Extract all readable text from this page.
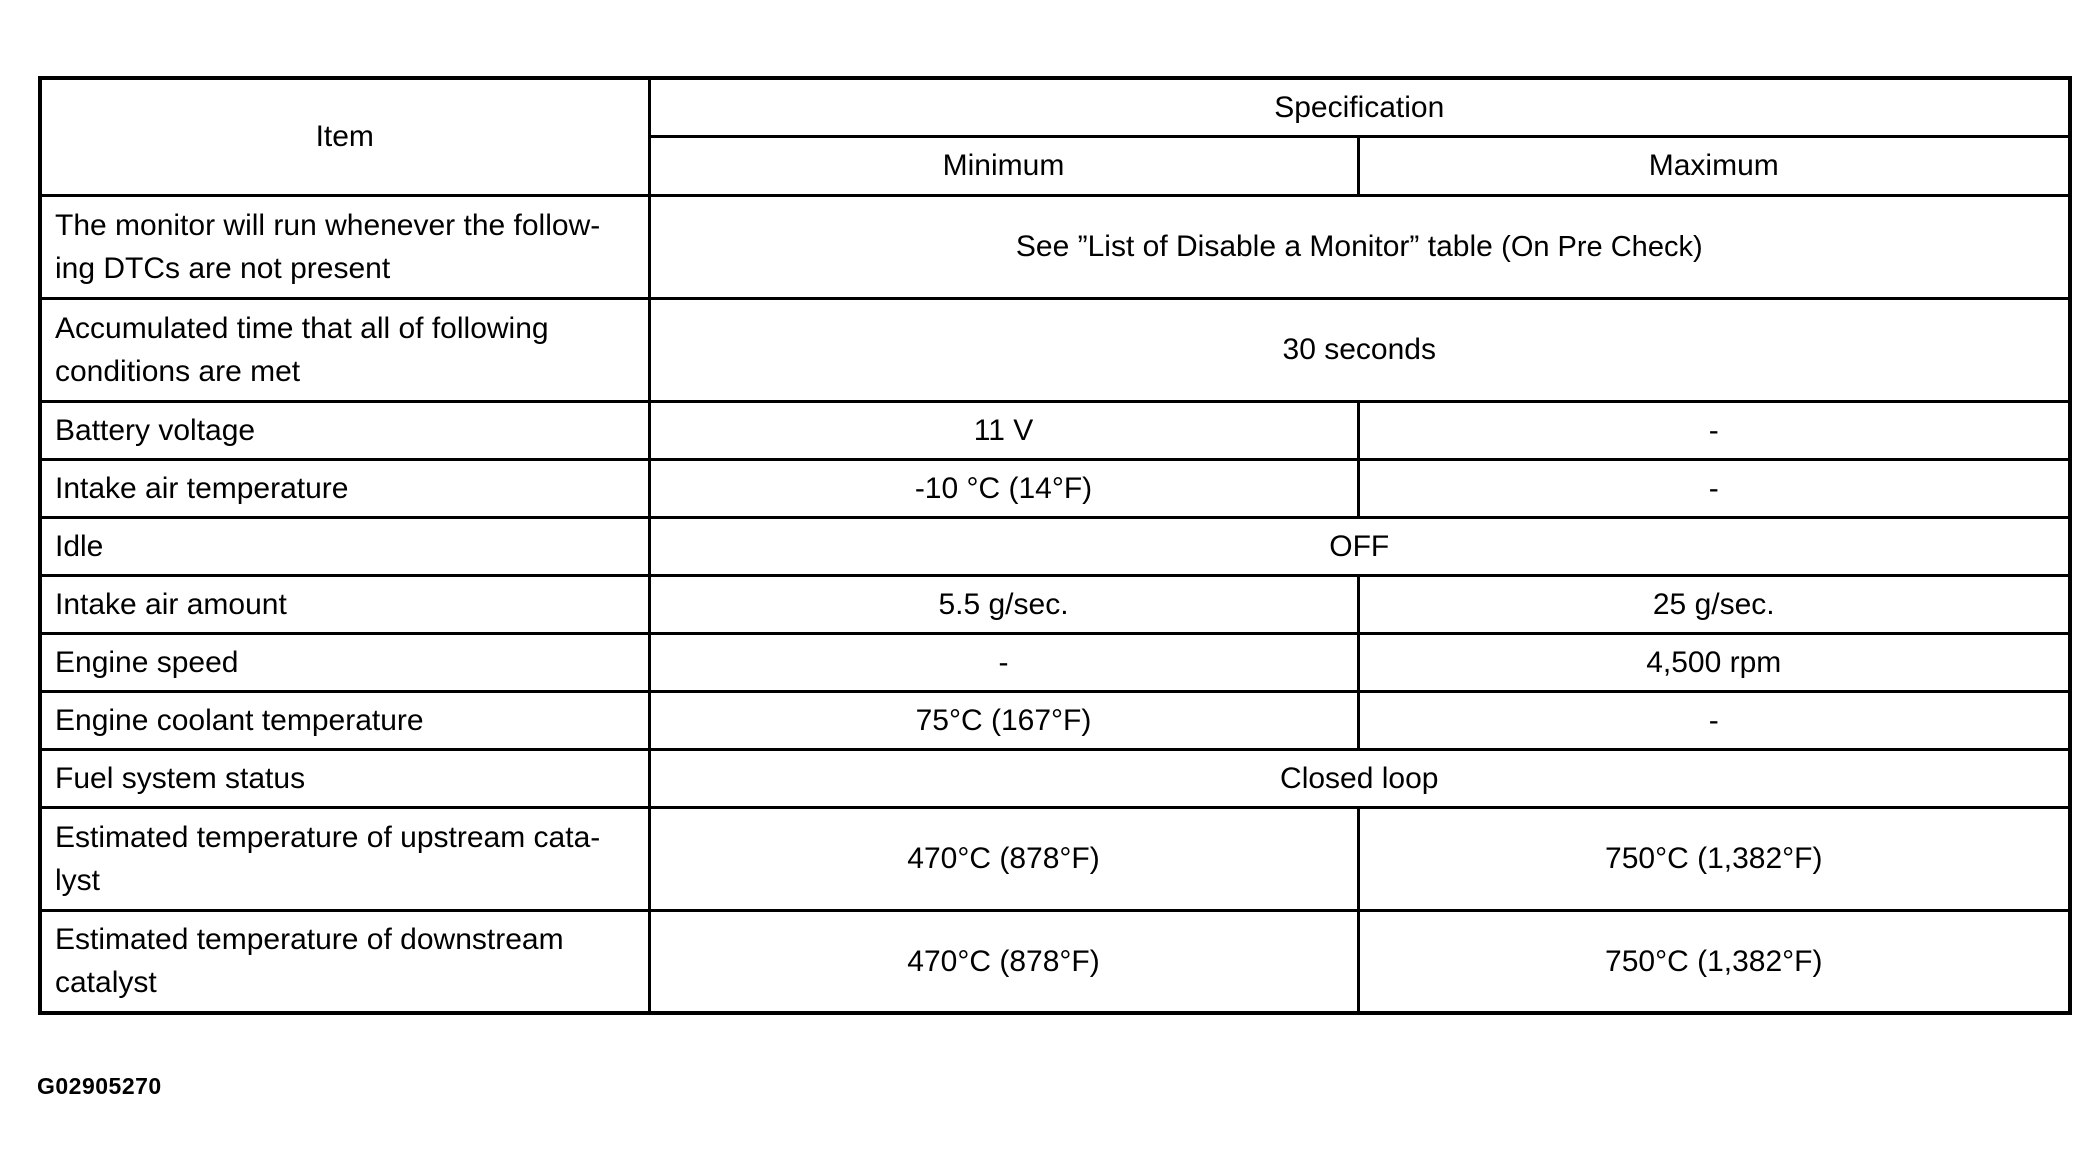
Item	Specification	
	Minimum	Maximum
The monitor will run whenever the follow-
ing DTCs are not present	See ”List of Disable a Monitor” table (On Pre Check)	
Accumulated time that all of following
conditions are met	30 seconds	
Battery voltage	11 V	-
Intake air temperature	-10 °C (14°F)	-
Idle	OFF	
Intake air amount	5.5 g/sec.	25 g/sec.
Engine speed	-	4,500 rpm
Engine coolant temperature	75°C (167°F)	-
Fuel system status	Closed loop	
Estimated temperature of upstream cata-
lyst	470°C (878°F)	750°C (1,382°F)
Estimated temperature of downstream
catalyst	470°C (878°F)	750°C (1,382°F)
G02905270
